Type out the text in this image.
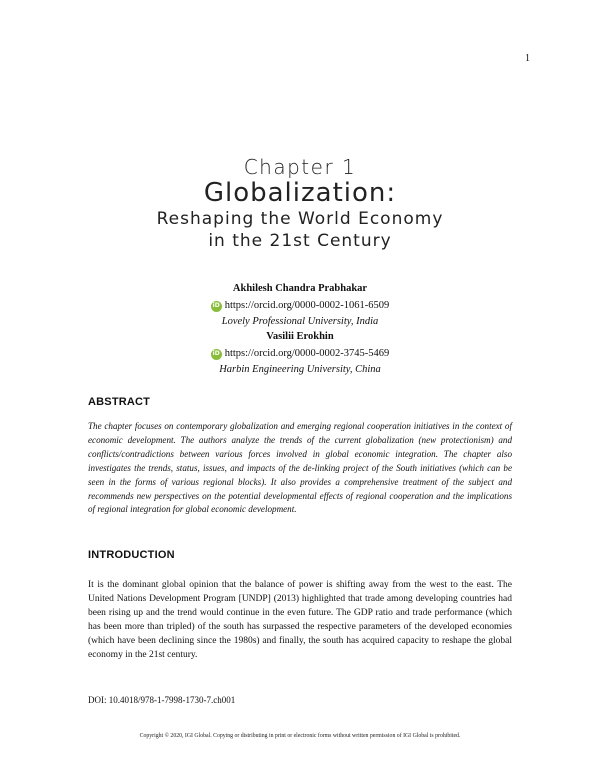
1
Chapter 1
Globalization:
Reshaping the World Economy
in the 21st Century
Akhilesh Chandra Prabhakar
iD https://orcid.org/0000-0002-1061-6509
Lovely Professional University, India
Vasilii Erokhin
iD https://orcid.org/0000-0002-3745-5469
Harbin Engineering University, China
ABSTRACT
The chapter focuses on contemporary globalization and emerging regional cooperation initiatives in the context of economic development. The authors analyze the trends of the current globalization (new protectionism) and conflicts/contradictions between various forces involved in global economic integration. The chapter also investigates the trends, status, issues, and impacts of the de-linking project of the South initiatives (which can be seen in the forms of various regional blocks). It also provides a comprehensive treatment of the subject and recommends new perspectives on the potential developmental effects of regional cooperation and the implications of regional integration for global economic development.
INTRODUCTION
It is the dominant global opinion that the balance of power is shifting away from the west to the east. The United Nations Development Program [UNDP] (2013) highlighted that trade among developing countries had been rising up and the trend would continue in the even future. The GDP ratio and trade performance (which has been more than tripled) of the south has surpassed the respective parameters of the developed economies (which have been declining since the 1980s) and finally, the south has acquired capacity to reshape the global economy in the 21st century.
DOI: 10.4018/978-1-7998-1730-7.ch001
Copyright © 2020, IGI Global. Copying or distributing in print or electronic forms without written permission of IGI Global is prohibited.
